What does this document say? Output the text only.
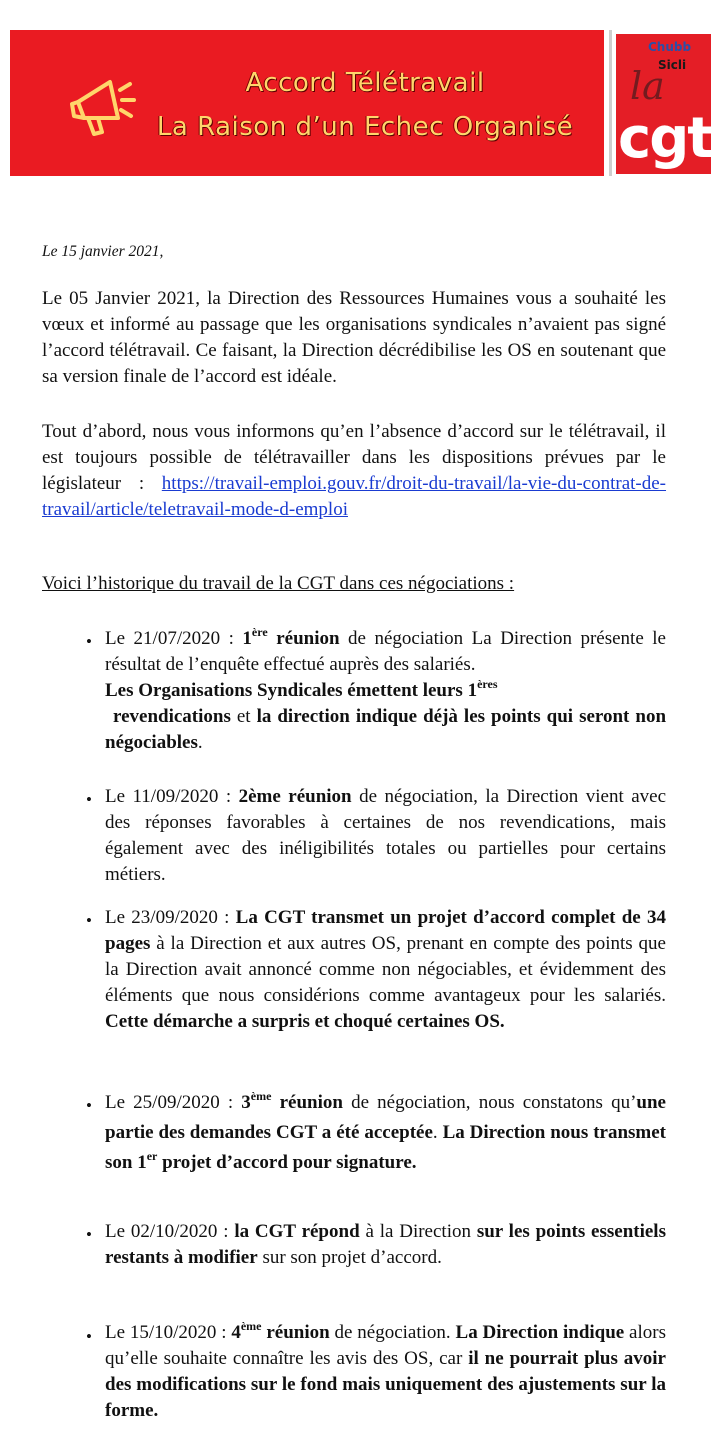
Accord Télétravail
La Raison d’un Echec Organisé
Chubb
la
Sicli
cgt
Le 15 janvier 2021,
Le 05 Janvier 2021, la Direction des Ressources Humaines vous a souhaité les vœux et informé au passage que les organisations syndicales n’avaient pas signé l’accord télétravail. Ce faisant, la Direction décrédibilise les OS en soutenant que sa version finale de l’accord est idéale.
Tout d’abord, nous vous informons qu’en l’absence d’accord sur le télétravail, il est toujours possible de télétravailler dans les dispositions prévues par le législateur : https://travail-emploi.gouv.fr/droit-du-travail/la-vie-du-contrat-de-travail/article/teletravail-mode-d-emploi
Voici l’historique du travail de la CGT dans ces négociations :
• Le 21/07/2020 : 1ère réunion de négociation La Direction présente le résultat de l’enquête effectué auprès des salariés.
Les Organisations Syndicales émettent leurs 1ères
revendications et la direction indique déjà les points qui seront non négociables.
• Le 11/09/2020 : 2ème réunion de négociation, la Direction vient avec des réponses favorables à certaines de nos revendications, mais également avec des inéligibilités totales ou partielles pour certains métiers.
• Le 23/09/2020 : La CGT transmet un projet d’accord complet de 34 pages à la Direction et aux autres OS, prenant en compte des points que la Direction avait annoncé comme non négociables, et évidemment des éléments que nous considérions comme avantageux pour les salariés. Cette démarche a surpris et choqué certaines OS.
• Le 25/09/2020 : 3ème réunion de négociation, nous constatons qu’une partie des demandes CGT a été acceptée. La Direction nous transmet son 1er projet d’accord pour signature.
• Le 02/10/2020 : la CGT répond à la Direction sur les points essentiels restants à modifier sur son projet d’accord.
• Le 15/10/2020 : 4ème réunion de négociation. La Direction indique alors qu’elle souhaite connaître les avis des OS, car il ne pourrait plus avoir des modifications sur le fond mais uniquement des ajustements sur la forme.
